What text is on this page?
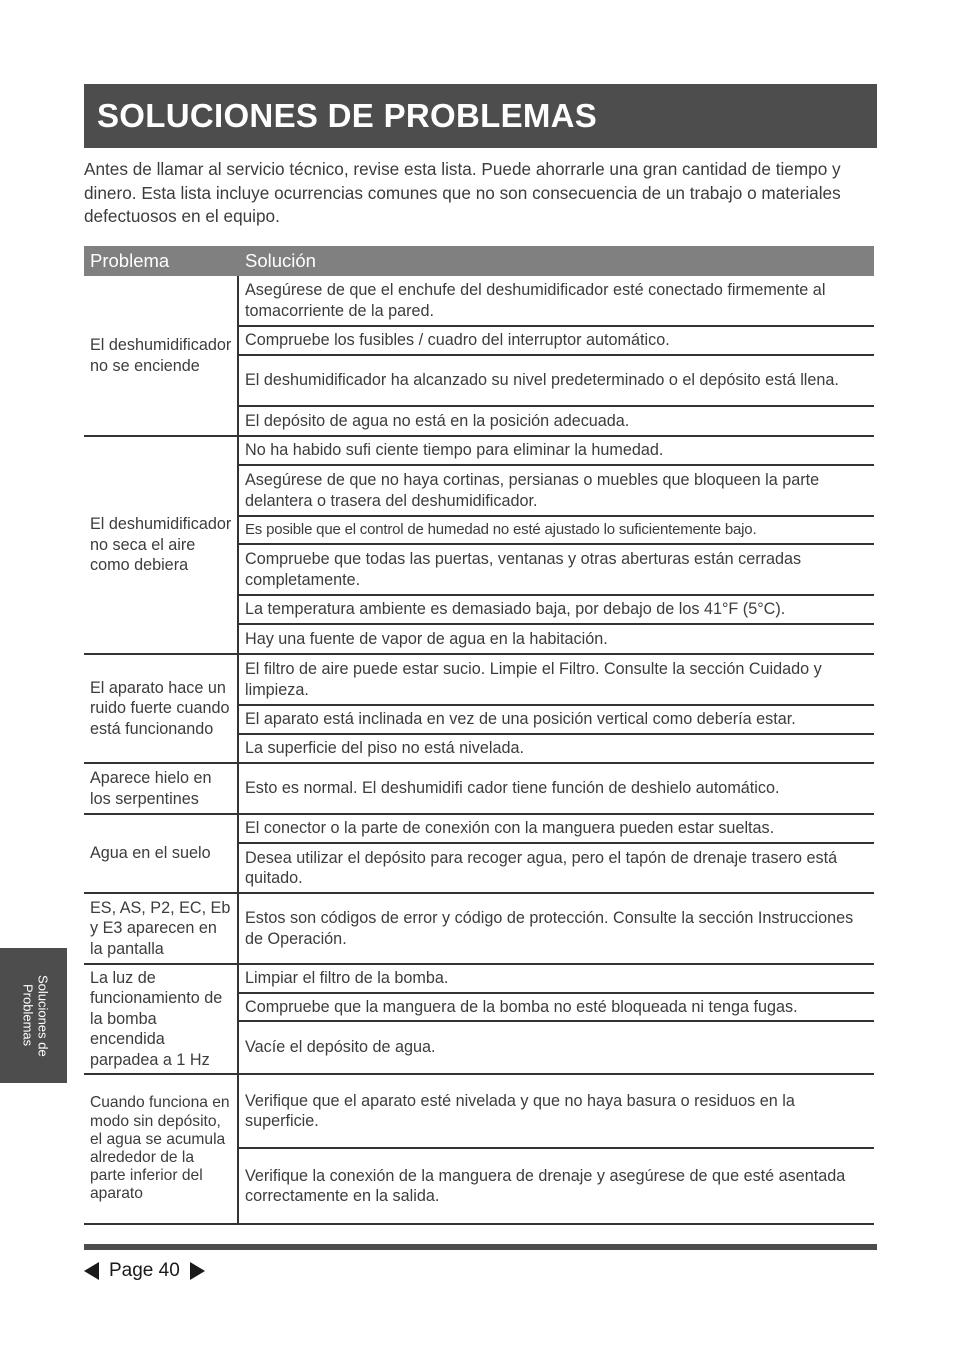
SOLUCIONES DE PROBLEMAS

Antes de llamar al servicio técnico, revise esta lista. Puede ahorrarle una gran cantidad de tiempo y dinero. Esta lista incluye ocurrencias comunes que no son consecuencia de un trabajo o materiales defectuosos en el equipo.

Problema	Solución
El deshumidificador no se enciende
Asegúrese de que el enchufe del deshumidificador esté conectado firmemente al tomacorriente de la pared.
Compruebe los fusibles / cuadro del interruptor automático.
El deshumidificador ha alcanzado su nivel predeterminado o el depósito está llena.
El depósito de agua no está en la posición adecuada.
El deshumidificador no seca el aire como debiera
No ha habido sufi ciente tiempo para eliminar la humedad.
Asegúrese de que no haya cortinas, persianas o muebles que bloqueen la parte delantera o trasera del deshumidificador.
Es posible que el control de humedad no esté ajustado lo suficientemente bajo.
Compruebe que todas las puertas, ventanas y otras aberturas están cerradas completamente.
La temperatura ambiente es demasiado baja, por debajo de los 41°F (5°C).
Hay una fuente de vapor de agua en la habitación.
El aparato hace un ruido fuerte cuando está funcionando
El filtro de aire puede estar sucio. Limpie el Filtro. Consulte la sección Cuidado y limpieza.
El aparato está inclinada en vez de una posición vertical como debería estar.
La superficie del piso no está nivelada.
Aparece hielo en los serpentines
Esto es normal. El deshumidifi cador tiene función de deshielo automático.
Agua en el suelo
El conector o la parte de conexión con la manguera pueden estar sueltas.
Desea utilizar el depósito para recoger agua, pero el tapón de drenaje trasero está quitado.
ES, AS, P2, EC, Eb y E3 aparecen en la pantalla
Estos son códigos de error y código de protección. Consulte la sección Instrucciones de Operación.
La luz de funcionamiento de la bomba encendida parpadea a 1 Hz
Limpiar el filtro de la bomba.
Compruebe que la manguera de la bomba no esté bloqueada ni tenga fugas.
Vacíe el depósito de agua.
Cuando funciona en modo sin depósito, el agua se acumula alrededor de la parte inferior del aparato
Verifique que el aparato esté nivelada y que no haya basura o residuos en la superficie.
Verifique la conexión de la manguera de drenaje y asegúrese de que esté asentada correctamente en la salida.
Page 40
Soluciones de Problemas
